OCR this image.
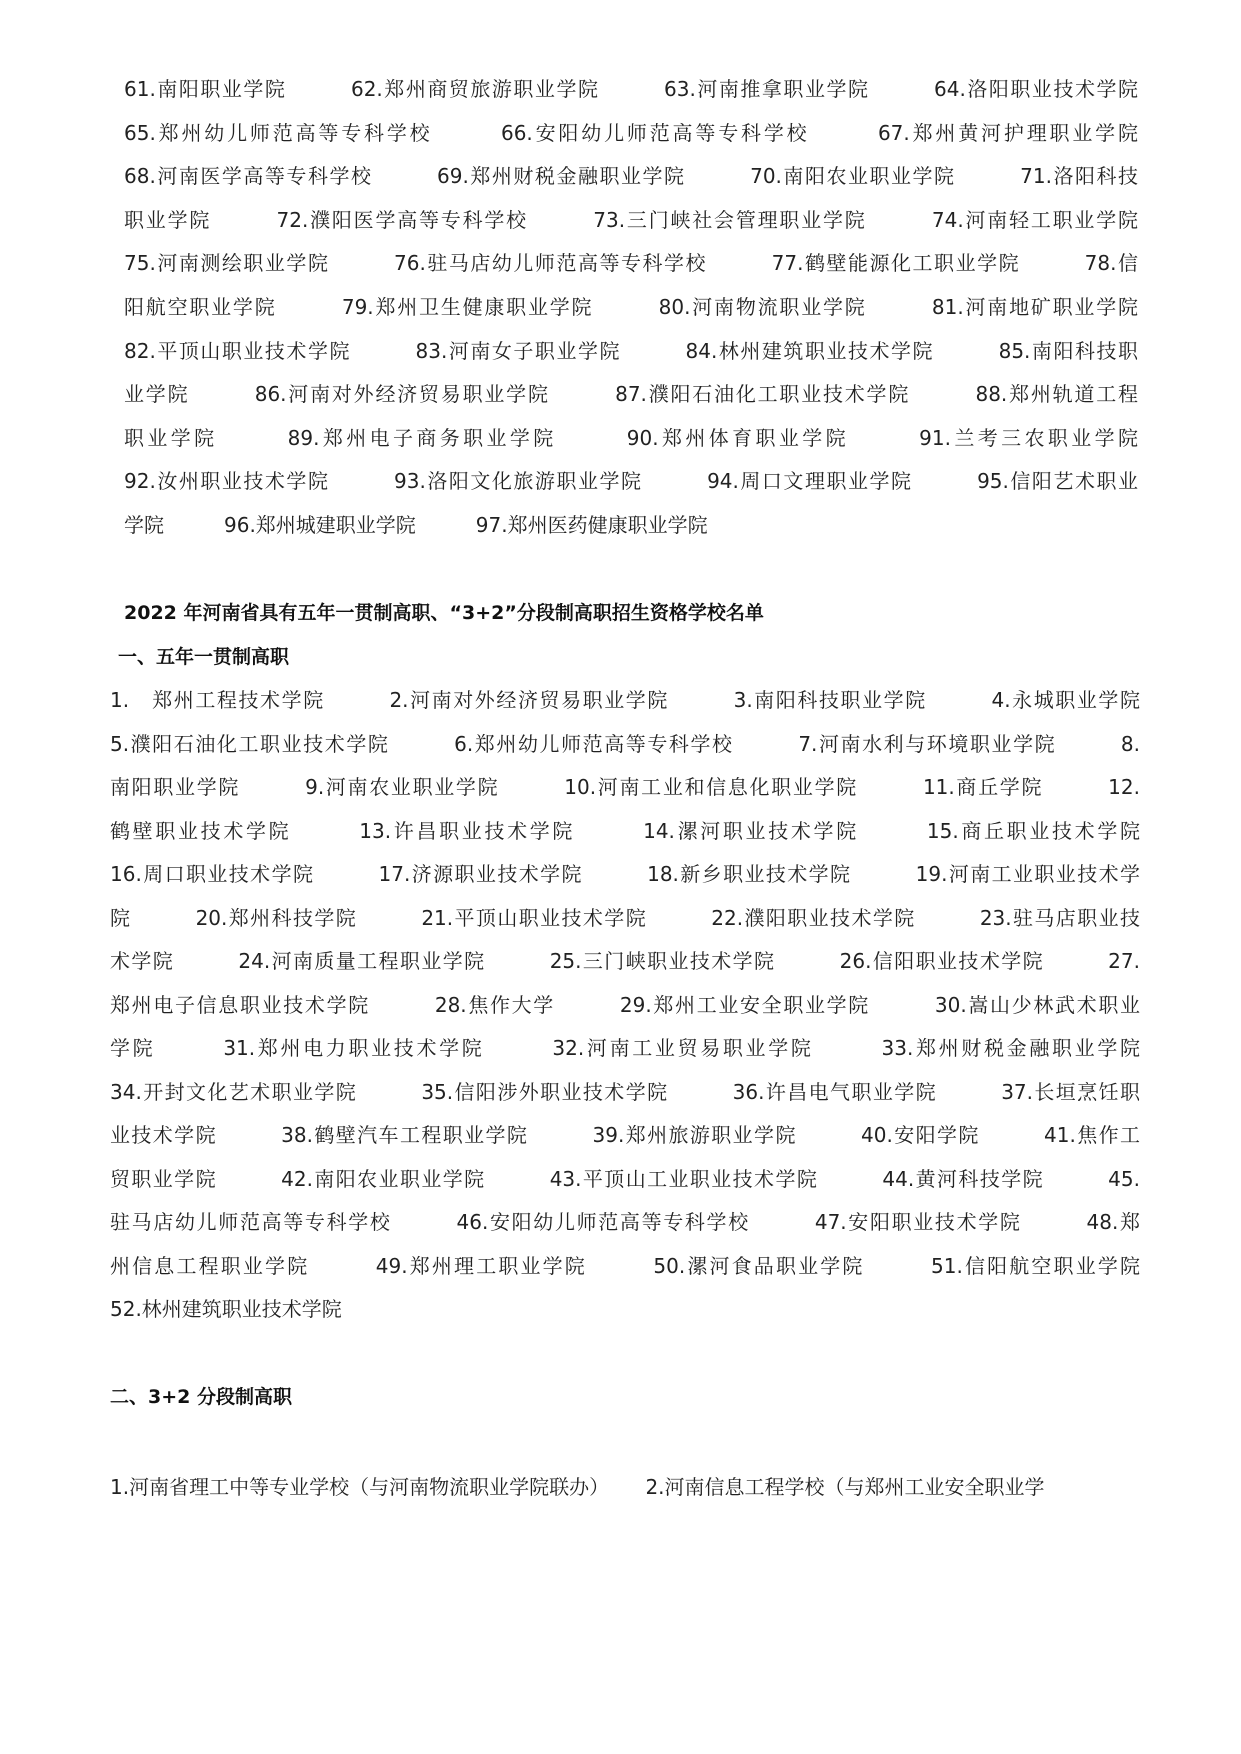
61.南阳职业学院　　　62.郑州商贸旅游职业学院　　　63.河南推拿职业学院　　　64.洛阳职业技术学院
65.郑州幼儿师范高等专科学校　　　66.安阳幼儿师范高等专科学校　　　67.郑州黄河护理职业学院
68.河南医学高等专科学校　　　69.郑州财税金融职业学院　　　70.南阳农业职业学院　　　71.洛阳科技
职业学院　　　72.濮阳医学高等专科学校　　　73.三门峡社会管理职业学院　　　74.河南轻工职业学院
75.河南测绘职业学院　　　76.驻马店幼儿师范高等专科学校　　　77.鹤壁能源化工职业学院　　　78.信
阳航空职业学院　　　79.郑州卫生健康职业学院　　　80.河南物流职业学院　　　81.河南地矿职业学院
82.平顶山职业技术学院　　　83.河南女子职业学院　　　84.林州建筑职业技术学院　　　85.南阳科技职
业学院　　　86.河南对外经济贸易职业学院　　　87.濮阳石油化工职业技术学院　　　88.郑州轨道工程
职业学院　　　89.郑州电子商务职业学院　　　90.郑州体育职业学院　　　91.兰考三农职业学院
92.汝州职业技术学院　　　93.洛阳文化旅游职业学院　　　94.周口文理职业学院　　　95.信阳艺术职业
学院　　　96.郑州城建职业学院　　　97.郑州医药健康职业学院
2022 年河南省具有五年一贯制高职、“3+2”分段制高职招生资格学校名单
一、五年一贯制高职
1.　郑州工程技术学院　　　2.河南对外经济贸易职业学院　　　3.南阳科技职业学院　　　4.永城职业学院
5.濮阳石油化工职业技术学院　　　6.郑州幼儿师范高等专科学校　　　7.河南水利与环境职业学院　　　8.
南阳职业学院　　　9.河南农业职业学院　　　10.河南工业和信息化职业学院　　　11.商丘学院　　　12.
鹤壁职业技术学院　　　13.许昌职业技术学院　　　14.漯河职业技术学院　　　15.商丘职业技术学院
16.周口职业技术学院　　　17.济源职业技术学院　　　18.新乡职业技术学院　　　19.河南工业职业技术学
院　　　20.郑州科技学院　　　21.平顶山职业技术学院　　　22.濮阳职业技术学院　　　23.驻马店职业技
术学院　　　24.河南质量工程职业学院　　　25.三门峡职业技术学院　　　26.信阳职业技术学院　　　27.
郑州电子信息职业技术学院　　　28.焦作大学　　　29.郑州工业安全职业学院　　　30.嵩山少林武术职业
学院　　　31.郑州电力职业技术学院　　　32.河南工业贸易职业学院　　　33.郑州财税金融职业学院
34.开封文化艺术职业学院　　　35.信阳涉外职业技术学院　　　36.许昌电气职业学院　　　37.长垣烹饪职
业技术学院　　　38.鹤壁汽车工程职业学院　　　39.郑州旅游职业学院　　　40.安阳学院　　　41.焦作工
贸职业学院　　　42.南阳农业职业学院　　　43.平顶山工业职业技术学院　　　44.黄河科技学院　　　45.
驻马店幼儿师范高等专科学校　　　46.安阳幼儿师范高等专科学校　　　47.安阳职业技术学院　　　48.郑
州信息工程职业学院　　　49.郑州理工职业学院　　　50.漯河食品职业学院　　　51.信阳航空职业学院
52.林州建筑职业技术学院
二、3+2 分段制高职
1.河南省理工中等专业学校（与河南物流职业学院联办）　　 2.河南信息工程学校（与郑州工业安全职业学
